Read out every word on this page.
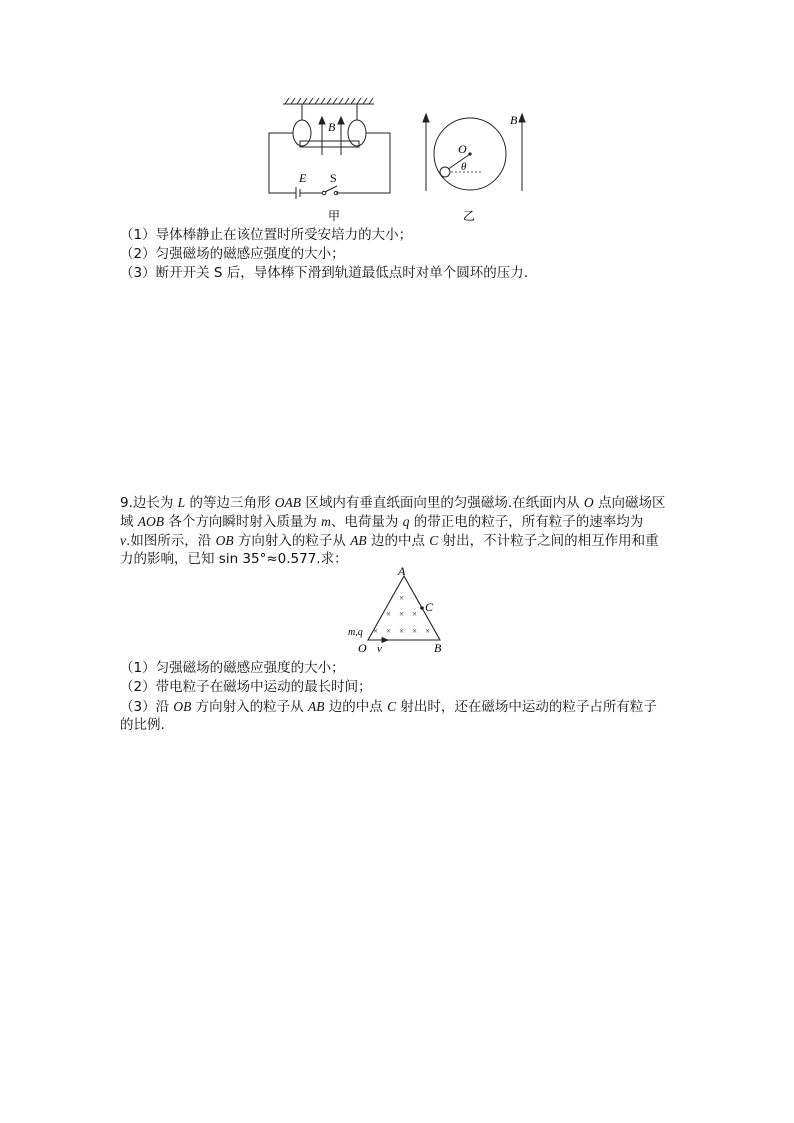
B
E S
甲
B
O
θ
乙
（1）导体棒静止在该位置时所受安培力的大小；
（2）匀强磁场的磁感应强度的大小；
（3）断开开关 S 后，导体棒下滑到轨道最低点时对单个圆环的压力.
9.边长为 L 的等边三角形 OAB 区域内有垂直纸面向里的匀强磁场.在纸面内从 O 点向磁场区
域 AOB 各个方向瞬时射入质量为 m、电荷量为 q 的带正电的粒子，所有粒子的速率均为
v.如图所示，沿 OB 方向射入的粒子从 AB 边的中点 C 射出，不计粒子之间的相互作用和重
力的影响，已知 sin 35°≈0.577.求：
A
C
m,q
O	B
v
×
× × ×
× × × × ×
（1）匀强磁场的磁感应强度的大小；
（2）带电粒子在磁场中运动的最长时间；
（3）沿 OB 方向射入的粒子从 AB 边的中点 C 射出时，还在磁场中运动的粒子占所有粒子
的比例.
